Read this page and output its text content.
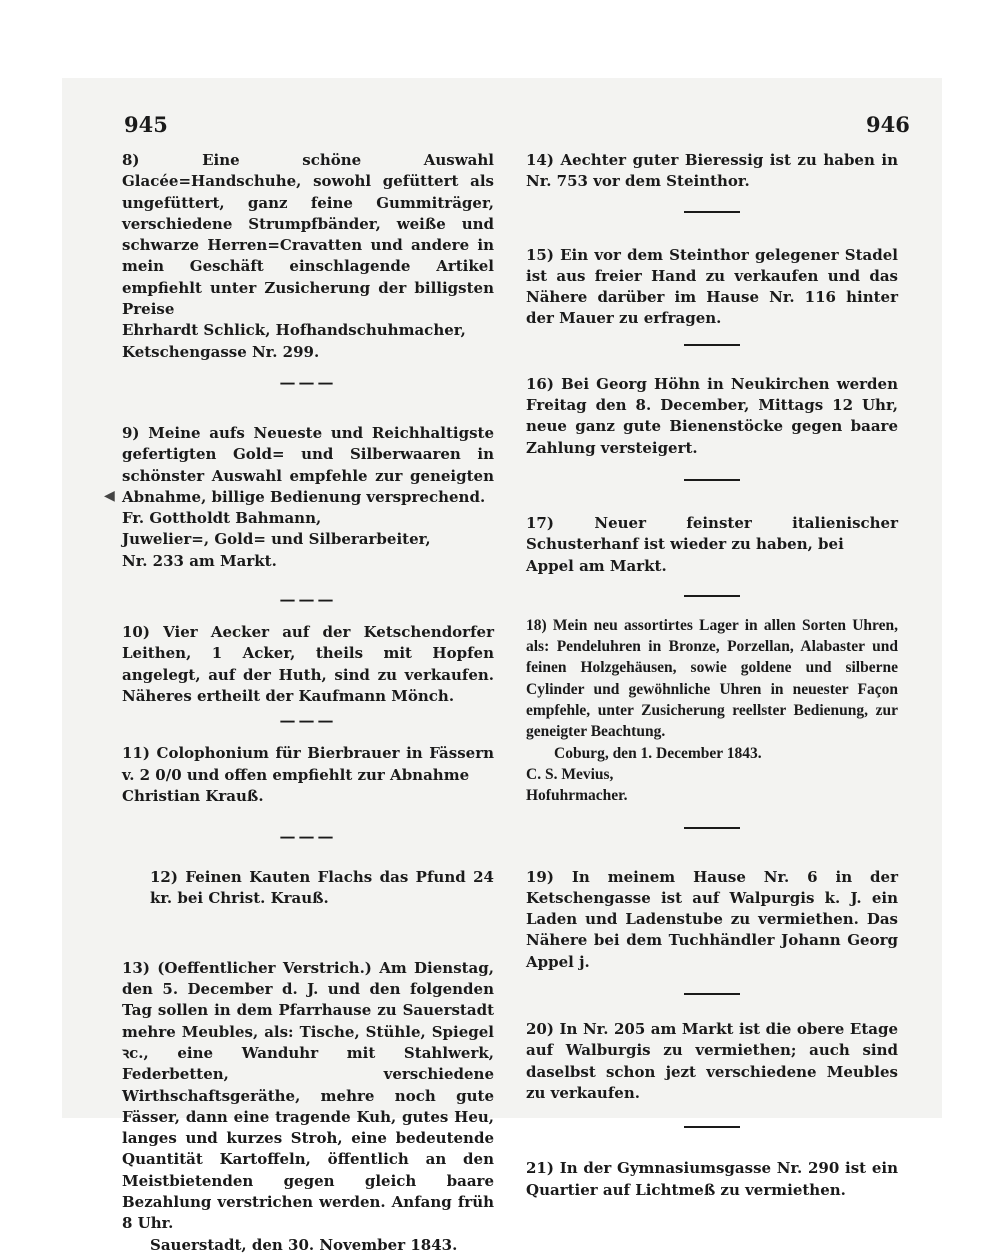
◀
945	946

8) Eine schöne Auswahl Glacée=Handschuhe, sowohl gefüttert als ungefüttert, ganz feine Gummiträger, verschiedene Strumpfbänder, weiße und schwarze Herren=Cravatten und andere in mein Geschäft einschlagende Artikel empfiehlt unter Zusicherung der billigsten Preise
Ehrhardt Schlick, Hofhandschuhmacher,
Ketschengasse Nr. 299.

———

9) Meine aufs Neueste und Reichhaltigste gefertigten Gold= und Silberwaaren in schönster Auswahl empfehle zur geneigten Abnahme, billige Bedienung versprechend.
Fr. Gottholdt Bahmann,
Juwelier=, Gold= und Silberarbeiter,
Nr. 233 am Markt.

———

10) Vier Aecker auf der Ketschendorfer Leithen, 1 Acker, theils mit Hopfen angelegt, auf der Huth, sind zu verkaufen. Näheres ertheilt der Kaufmann Mönch.

———

11) Colophonium für Bierbrauer in Fässern v. 2 0/0 und offen empfiehlt zur Abnahme
Christian Krauß.

———

12) Feinen Kauten Flachs das Pfund 24 kr. bei Christ. Krauß.

13) (Oeffentlicher Verstrich.) Am Dienstag, den 5. December d. J. und den folgenden Tag sollen in dem Pfarrhause zu Sauerstadt mehre Meubles, als: Tische, Stühle, Spiegel ꝛc., eine Wanduhr mit Stahlwerk, Federbetten, verschiedene Wirthschaftsgeräthe, mehre noch gute Fässer, dann eine tragende Kuh, gutes Heu, langes und kurzes Stroh, eine bedeutende Quantität Kartoffeln, öffentlich an den Meistbietenden gegen gleich baare Bezahlung verstrichen werden. Anfang früh 8 Uhr.
Sauerstadt, den 30. November 1843.

14) Aechter guter Bieressig ist zu haben in Nr. 753 vor dem Steinthor.

15) Ein vor dem Steinthor gelegener Stadel ist aus freier Hand zu verkaufen und das Nähere darüber im Hause Nr. 116 hinter der Mauer zu erfragen.

16) Bei Georg Höhn in Neukirchen werden Freitag den 8. December, Mittags 12 Uhr, neue ganz gute Bienenstöcke gegen baare Zahlung versteigert.

17) Neuer feinster italienischer Schusterhanf ist wieder zu haben, bei
Appel am Markt.

18) Mein neu assortirtes Lager in allen Sorten Uhren, als: Pendeluhren in Bronze, Porzellan, Alabaster und feinen Holzgehäusen, sowie goldene und silberne Cylinder und gewöhnliche Uhren in neuester Façon empfehle, unter Zusicherung reellster Bedienung, zur geneigter Beachtung.
Coburg, den 1. December 1843.
C. S. Mevius,
Hofuhrmacher.

19) In meinem Hause Nr. 6 in der Ketschengasse ist auf Walpurgis k. J. ein Laden und Ladenstube zu vermiethen. Das Nähere bei dem Tuchhändler Johann Georg Appel j.

20) In Nr. 205 am Markt ist die obere Etage auf Walburgis zu vermiethen; auch sind daselbst schon jezt verschiedene Meubles zu verkaufen.

21) In der Gymnasiumsgasse Nr. 290 ist ein Quartier auf Lichtmeß zu vermiethen.
